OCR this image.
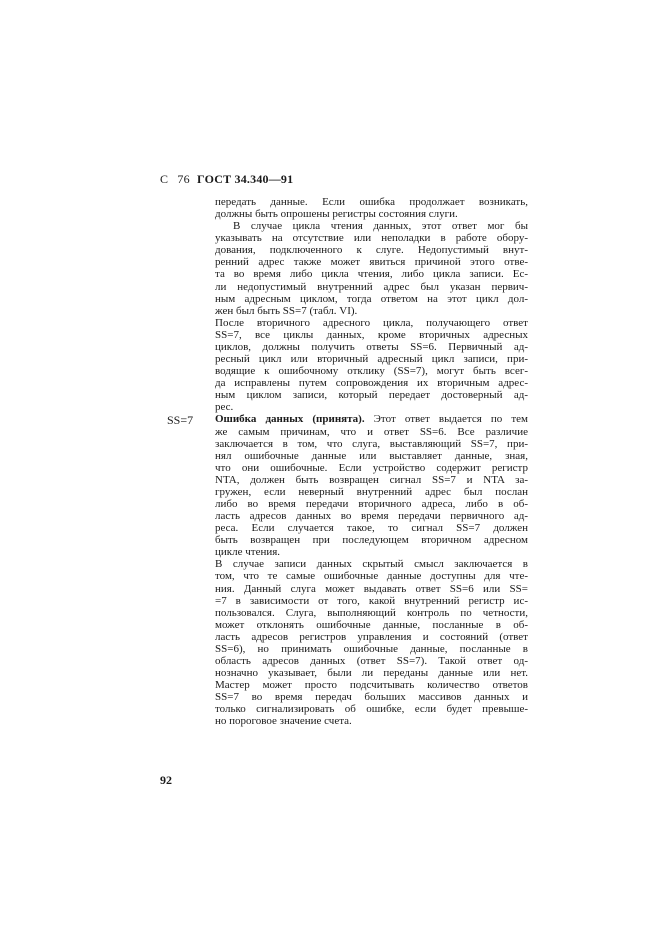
С 76 ГОСТ 34.340—91
передать данные. Если ошибка продолжает возникать,
должны быть опрошены регистры состояния слуги.
В случае цикла чтения данных, этот ответ мог бы
указывать на отсутствие или неполадки в работе обору-
дования, подключенного к слуге. Недопустимый внут-
ренний адрес также может явиться причиной этого отве-
та во время либо цикла чтения, либо цикла записи. Ес-
ли недопустимый внутренний адрес был указан первич-
ным адресным циклом, тогда ответом на этот цикл дол-
жен был быть SS=7 (табл. VI).
После вторичного адресного цикла, получающего ответ
SS=7, все циклы данных, кроме вторичных адресных
циклов, должны получить ответы SS=6. Первичный ад-
ресный цикл или вторичный адресный цикл записи, при-
водящие к ошибочному отклику (SS=7), могут быть всег-
да исправлены путем сопровождения их вторичным адрес-
ным циклом записи, который передает достоверный ад-
рес.
SS=7 Ошибка данных (принята). Этот ответ выдается по тем
же самым причинам, что и ответ SS=6. Все различие
заключается в том, что слуга, выставляющий SS=7, при-
нял ошибочные данные или выставляет данные, зная,
что они ошибочные. Если устройство содержит регистр
NTA, должен быть возвращен сигнал SS=7 и NTA за-
гружен, если неверный внутренний адрес был послан
либо во время передачи вторичного адреса, либо в об-
ласть адресов данных во время передачи первичного ад-
реса. Если случается такое, то сигнал SS=7 должен
быть возвращен при последующем вторичном адресном
цикле чтения.
В случае записи данных скрытый смысл заключается в
том, что те самые ошибочные данные доступны для чте-
ния. Данный слуга может выдавать ответ SS=6 или SS=
=7 в зависимости от того, какой внутренний регистр ис-
пользовался. Слуга, выполняющий контроль по четности,
может отклонять ошибочные данные, посланные в об-
ласть адресов регистров управления и состояний (ответ
SS=6), но принимать ошибочные данные, посланные в
область адресов данных (ответ SS=7). Такой ответ од-
нозначно указывает, были ли переданы данные или нет.
Мастер может просто подсчитывать количество ответов
SS=7 во время передач больших массивов данных и
только сигнализировать об ошибке, если будет превыше-
но пороговое значение счета.
92
